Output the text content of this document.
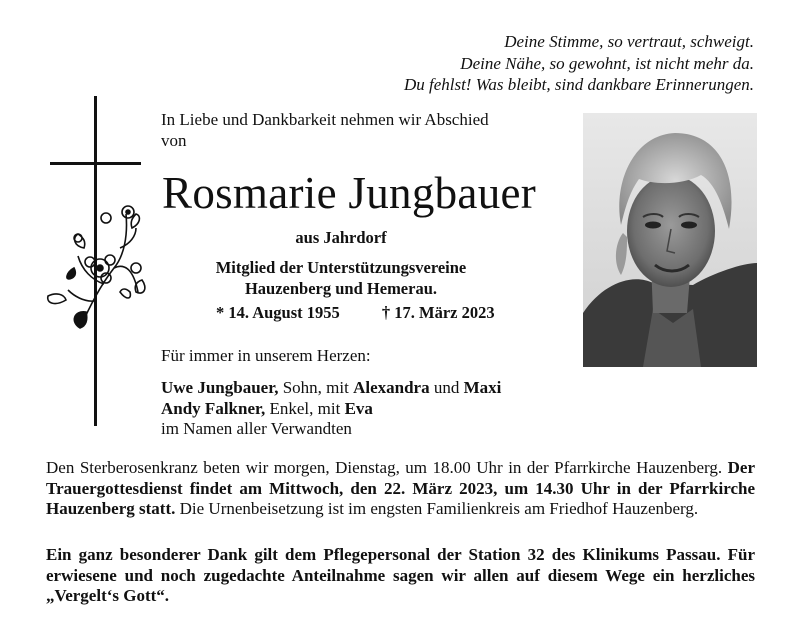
Deine Stimme, so vertraut, schweigt.
Deine Nähe, so gewohnt, ist nicht mehr da.
Du fehlst! Was bleibt, sind dankbare Erinnerungen.
In Liebe und Dankbarkeit nehmen wir Abschied
von
Rosmarie Jungbauer
aus Jahrdorf
Mitglied der Unterstützungsvereine
Hauzenberg und Hemerau.
* 14. August 1955	† 17. März 2023
Für immer in unserem Herzen:
Uwe Jungbauer, Sohn, mit Alexandra und Maxi
Andy Falkner, Enkel, mit Eva
im Namen aller Verwandten
Den Sterberosenkranz beten wir morgen, Dienstag, um 18.00 Uhr in der Pfarrkirche Hauzenberg. Der Trauergottesdienst findet am Mittwoch, den 22. März 2023, um 14.30 Uhr in der Pfarrkirche Hauzenberg statt. Die Urnenbeisetzung ist im engsten Familienkreis am Friedhof Hauzenberg.
Ein ganz besonderer Dank gilt dem Pflegepersonal der Station 32 des Klinikums Passau. Für erwiesene und noch zugedachte Anteilnahme sagen wir allen auf diesem Wege ein herzliches „Vergelt‘s Gott“.
